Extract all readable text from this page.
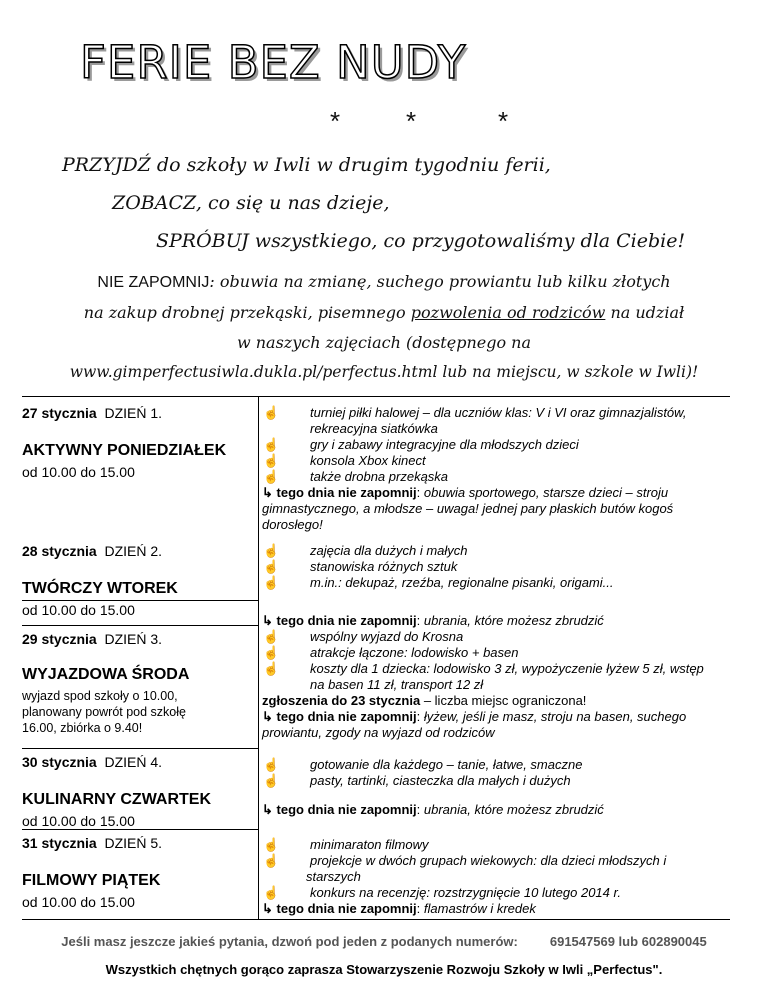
FERIE BEZ NUDY
*	*	*
PRZYJDŹ do szkoły w Iwli w drugim tygodniu ferii,
ZOBACZ, co się u nas dzieje,
SPRÓBUJ wszystkiego, co przygotowaliśmy dla Ciebie!
NIE ZAPOMNIJ: obuwia na zmianę, suchego prowiantu lub kilku złotych
na zakup drobnej przekąski, pisemnego pozwolenia od rodziców na udział
w naszych zajęciach (dostępnego na
www.gimperfectusiwla.dukla.pl/perfectus.html lub na miejscu, w szkole w Iwli)!
27 stycznia DZIEŃ 1.
AKTYWNY PONIEDZIAŁEK
od 10.00 do 15.00
28 stycznia DZIEŃ 2.
TWÓRCZY WTOREK
od 10.00 do 15.00
29 stycznia DZIEŃ 3.
WYJAZDOWA ŚRODA
wyjazd spod szkoły o 10.00,
planowany powrót pod szkołę
16.00, zbiórka o 9.40!
30 stycznia DZIEŃ 4.
KULINARNY CZWARTEK
od 10.00 do 15.00
31 stycznia DZIEŃ 5.
FILMOWY PIĄTEK
od 10.00 do 15.00
☝ turniej piłki halowej – dla uczniów klas: V i VI oraz gimnazjalistów,
rekreacyjna siatkówka
☝ gry i zabawy integracyjne dla młodszych dzieci
☝ konsola Xbox kinect
☝ także drobna przekąska
↳ tego dnia nie zapomnij: obuwia sportowego, starsze dzieci – stroju
gimnastycznego, a młodsze – uwaga! jednej pary płaskich butów kogoś
dorosłego!
☝ zajęcia dla dużych i małych
☝ stanowiska różnych sztuk
☝ m.in.: dekupaż, rzeźba, regionalne pisanki, origami...
↳ tego dnia nie zapomnij: ubrania, które możesz zbrudzić
☝ wspólny wyjazd do Krosna
☝ atrakcje łączone: lodowisko + basen
☝ koszty dla 1 dziecka: lodowisko 3 zł, wypożyczenie łyżew 5 zł, wstęp
na basen 11 zł, transport 12 zł
zgłoszenia do 23 stycznia – liczba miejsc ograniczona!
↳ tego dnia nie zapomnij: łyżew, jeśli je masz, stroju na basen, suchego
prowiantu, zgody na wyjazd od rodziców
☝ gotowanie dla każdego – tanie, łatwe, smaczne
☝ pasty, tartinki, ciasteczka dla małych i dużych
↳ tego dnia nie zapomnij: ubrania, które możesz zbrudzić
☝ minimaraton filmowy
☝ projekcje w dwóch grupach wiekowych: dla dzieci młodszych i
starszych
☝ konkurs na recenzję: rozstrzygnięcie 10 lutego 2014 r.
↳ tego dnia nie zapomnij: flamastrów i kredek
Jeśli masz jeszcze jakieś pytania, dzwoń pod jeden z podanych numerów: 691547569 lub 602890045
Wszystkich chętnych gorąco zaprasza Stowarzyszenie Rozwoju Szkoły w Iwli „Perfectus".
